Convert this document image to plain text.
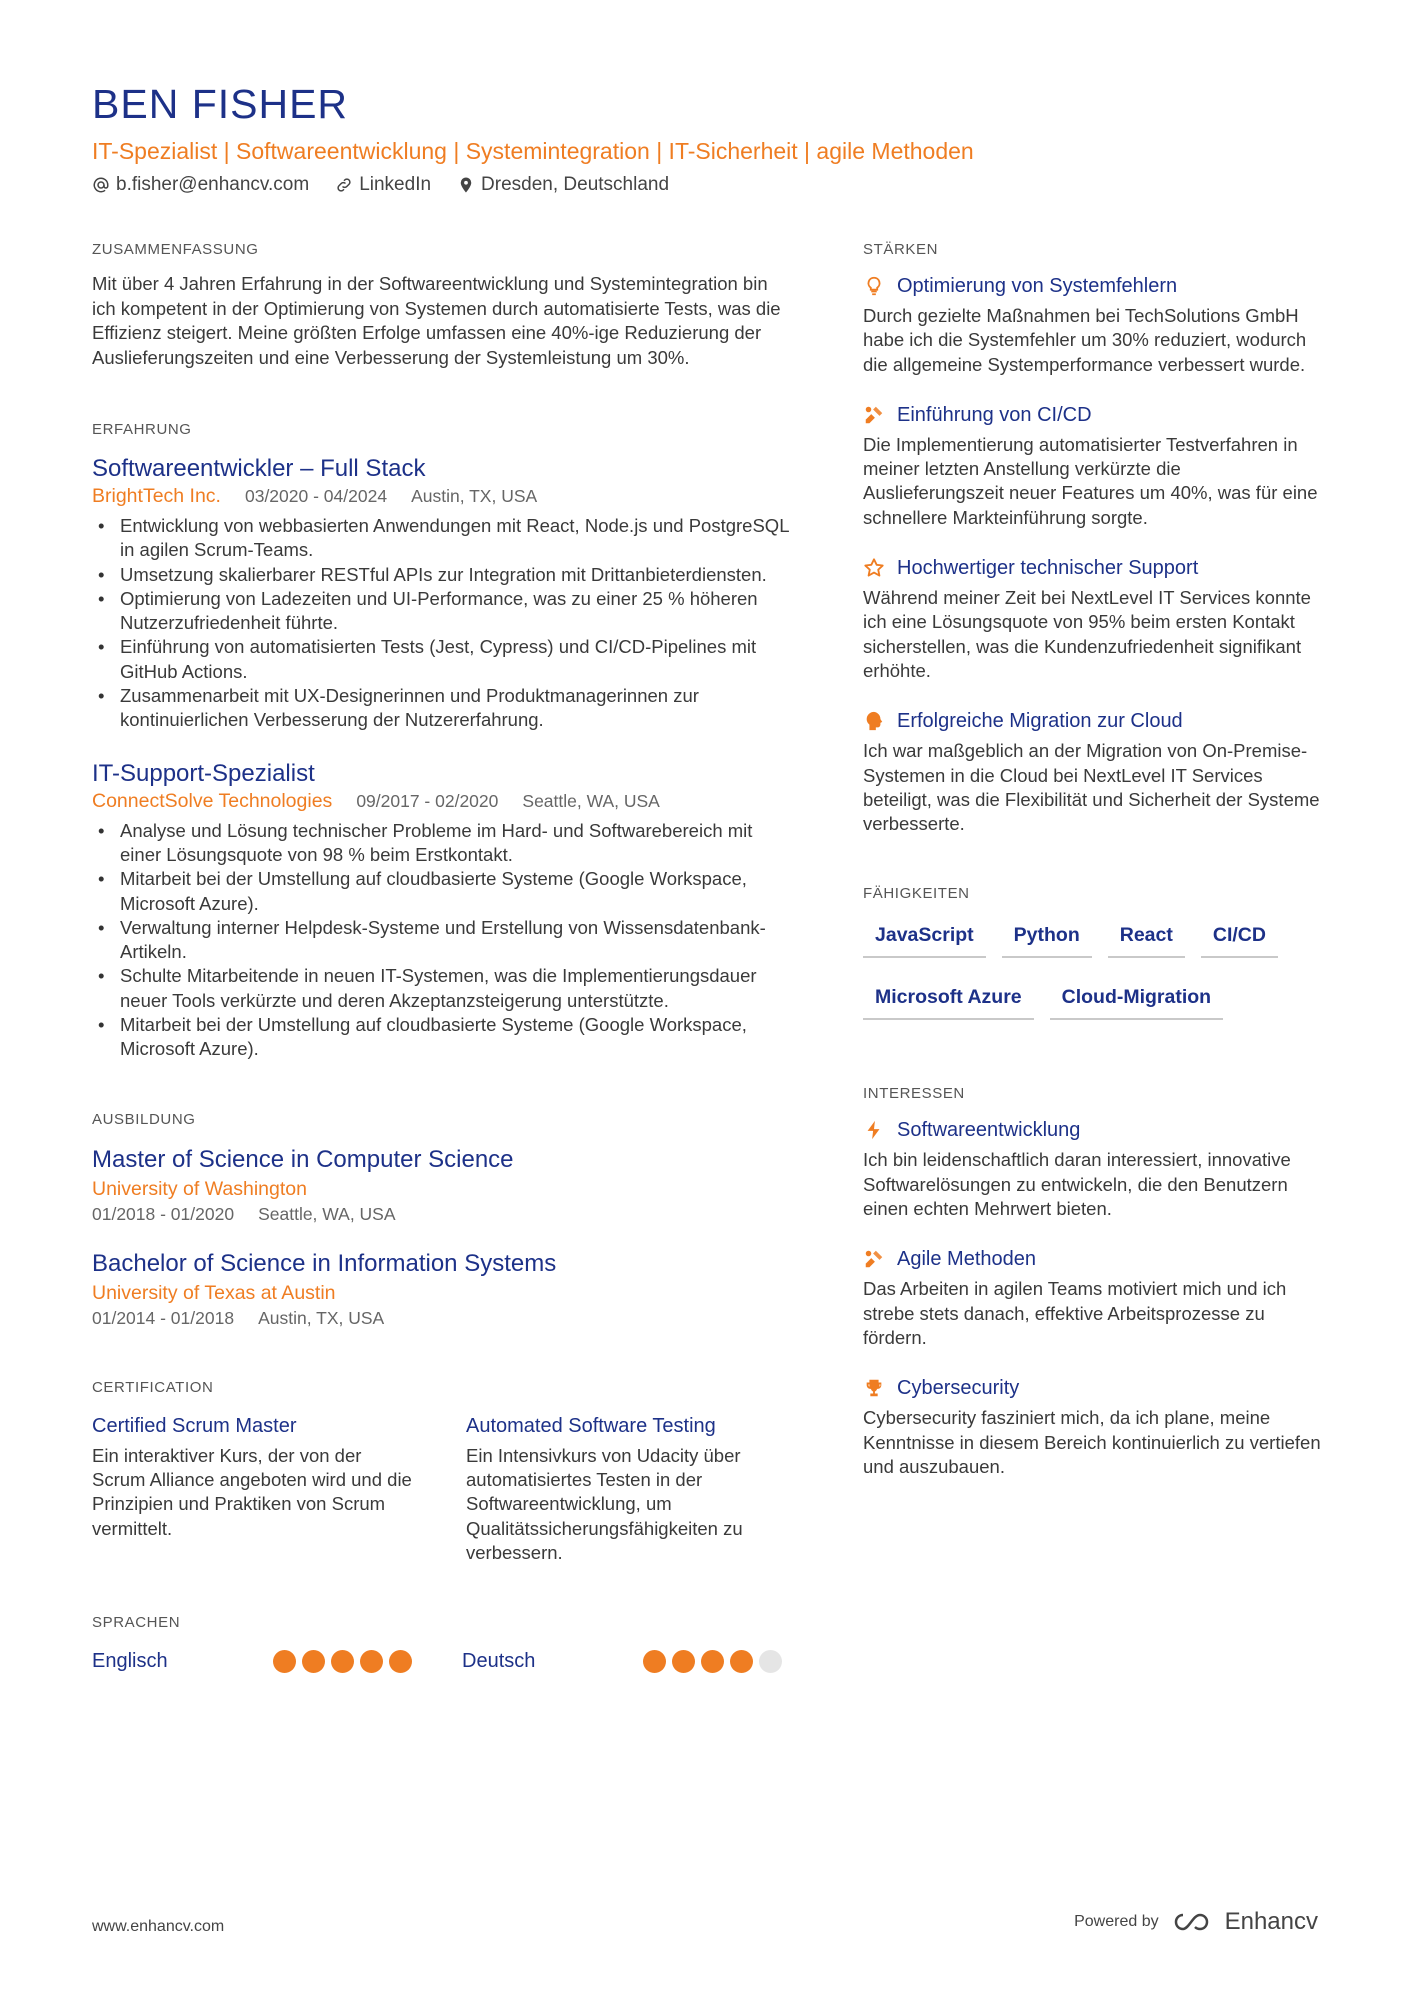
BEN FISHER
IT-Spezialist | Softwareentwicklung | Systemintegration | IT-Sicherheit | agile Methoden
b.fisher@enhancv.com	LinkedIn	Dresden, Deutschland
ZUSAMMENFASSUNG

Mit über 4 Jahren Erfahrung in der Softwareentwicklung und Systemintegration bin ich kompetent in der Optimierung von Systemen durch automatisierte Tests, was die Effizienz steigert. Meine größten Erfolge umfassen eine 40%-ige Reduzierung der Auslieferungszeiten und eine Verbesserung der Systemleistung um 30%.

ERFAHRUNG
Softwareentwickler – Full Stack
BrightTech Inc. 03/2020 - 04/2024 Austin, TX, USA
• Entwicklung von webbasierten Anwendungen mit React, Node.js und PostgreSQL in agilen Scrum-Teams.
• Umsetzung skalierbarer RESTful APIs zur Integration mit Drittanbieterdiensten.
• Optimierung von Ladezeiten und UI-Performance, was zu einer 25 % höheren Nutzerzufriedenheit führte.
• Einführung von automatisierten Tests (Jest, Cypress) und CI/CD-Pipelines mit GitHub Actions.
• Zusammenarbeit mit UX-Designerinnen und Produktmanagerinnen zur kontinuierlichen Verbesserung der Nutzererfahrung.
IT-Support-Spezialist
ConnectSolve Technologies 09/2017 - 02/2020 Seattle, WA, USA
• Analyse und Lösung technischer Probleme im Hard- und Softwarebereich mit einer Lösungsquote von 98 % beim Erstkontakt.
• Mitarbeit bei der Umstellung auf cloudbasierte Systeme (Google Workspace, Microsoft Azure).
• Verwaltung interner Helpdesk-Systeme und Erstellung von Wissensdatenbank-Artikeln.
• Schulte Mitarbeitende in neuen IT-Systemen, was die Implementierungsdauer neuer Tools verkürzte und deren Akzeptanzsteigerung unterstützte.
• Mitarbeit bei der Umstellung auf cloudbasierte Systeme (Google Workspace, Microsoft Azure).
AUSBILDUNG
Master of Science in Computer Science
University of Washington
01/2018 - 01/2020 Seattle, WA, USA
Bachelor of Science in Information Systems
University of Texas at Austin
01/2014 - 01/2018 Austin, TX, USA
CERTIFICATION
Certified Scrum Master
Ein interaktiver Kurs, der von der Scrum Alliance angeboten wird und die Prinzipien und Praktiken von Scrum vermittelt.
Automated Software Testing
Ein Intensivkurs von Udacity über automatisiertes Testen in der Softwareentwicklung, um Qualitätssicherungsfähigkeiten zu verbessern.
SPRACHEN
Englisch	Deutsch
STÄRKEN
Optimierung von Systemfehlern
Durch gezielte Maßnahmen bei TechSolutions GmbH habe ich die Systemfehler um 30% reduziert, wodurch die allgemeine Systemperformance verbessert wurde.
Einführung von CI/CD
Die Implementierung automatisierter Testverfahren in meiner letzten Anstellung verkürzte die Auslieferungszeit neuer Features um 40%, was für eine schnellere Markteinführung sorgte.
Hochwertiger technischer Support
Während meiner Zeit bei NextLevel IT Services konnte ich eine Lösungsquote von 95% beim ersten Kontakt sicherstellen, was die Kundenzufriedenheit signifikant erhöhte.
Erfolgreiche Migration zur Cloud
Ich war maßgeblich an der Migration von On-Premise-Systemen in die Cloud bei NextLevel IT Services beteiligt, was die Flexibilität und Sicherheit der Systeme verbesserte.
FÄHIGKEITEN
JavaScript	Python	React	CI/CD
Microsoft Azure	Cloud-Migration
INTERESSEN
Softwareentwicklung
Ich bin leidenschaftlich daran interessiert, innovative Softwarelösungen zu entwickeln, die den Benutzern einen echten Mehrwert bieten.
Agile Methoden
Das Arbeiten in agilen Teams motiviert mich und ich strebe stets danach, effektive Arbeitsprozesse zu fördern.
Cybersecurity
Cybersecurity fasziniert mich, da ich plane, meine Kenntnisse in diesem Bereich kontinuierlich zu vertiefen und auszubauen.
www.enhancv.com	Powered by	Enhancv
